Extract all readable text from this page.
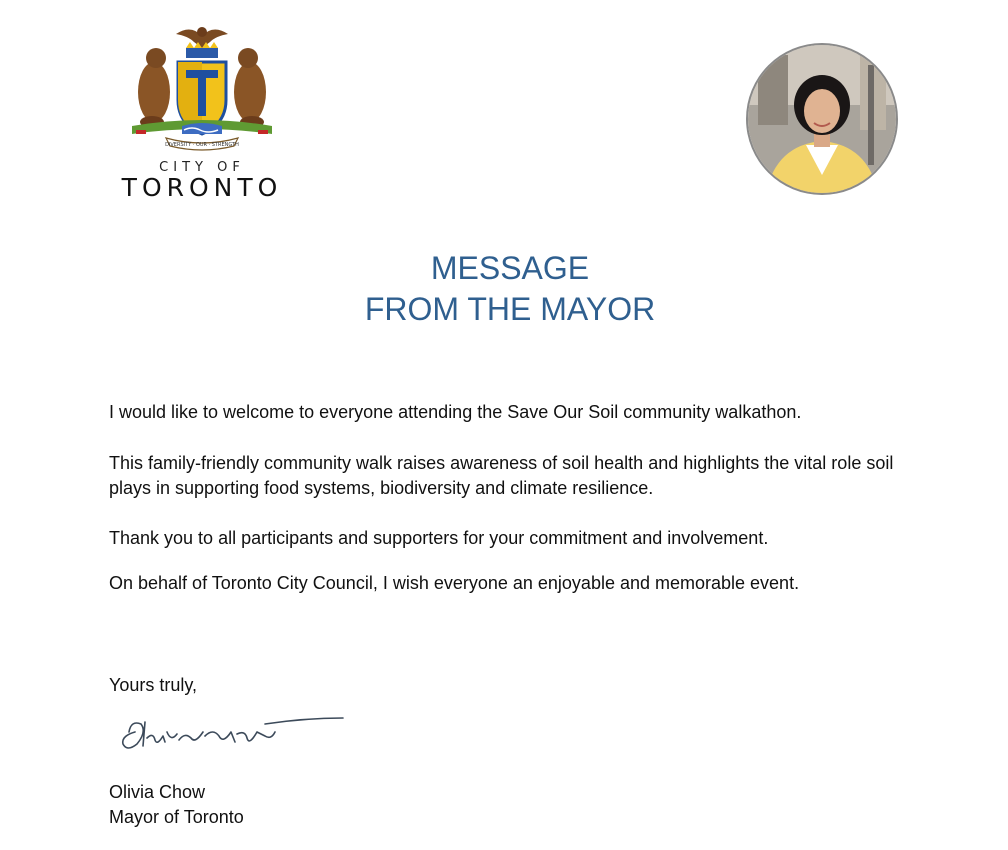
DIVERSITY · OUR · STRENGTH
CITY OF
TORONTO
MESSAGE
FROM THE MAYOR

I would like to welcome to everyone attending the Save Our Soil community walkathon.

This family-friendly community walk raises awareness of soil health and highlights the vital role soil plays in supporting food systems, biodiversity and climate resilience.

Thank you to all participants and supporters for your commitment and involvement.

On behalf of Toronto City Council, I wish everyone an enjoyable and memorable event.

Yours truly,

Olivia Chow

Mayor of Toronto
